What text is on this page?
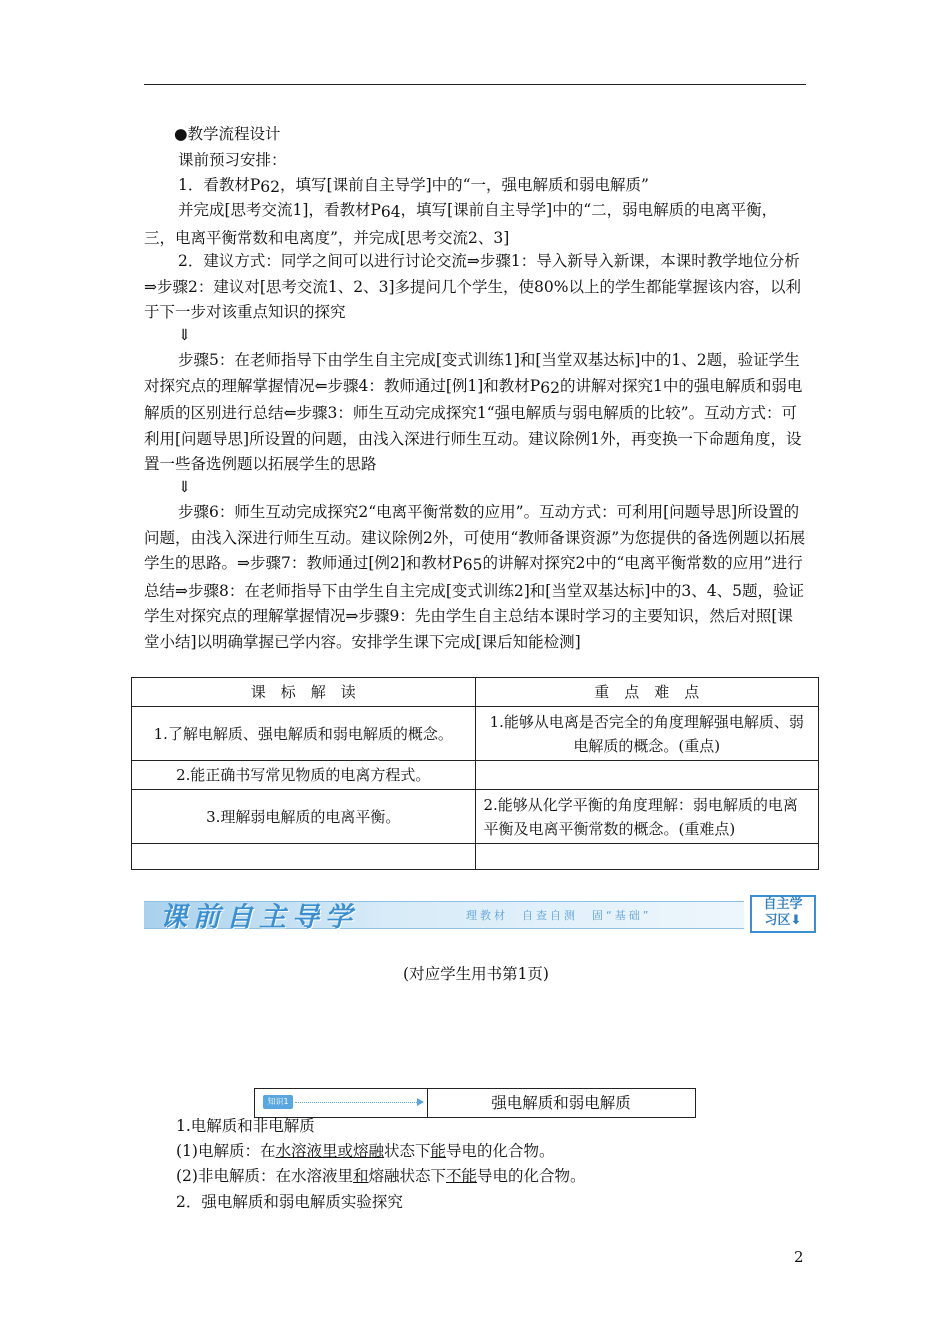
●教学流程设计
课前预习安排：
1．看教材$P_{62}$，填写[课前自主导学]中的“一，强电解质和弱电解质”
并完成[思考交流1]，看教材$P_{64}$，填写[课前自主导学]中的“二，弱电解质的电离平衡，三，电离平衡常数和电离度”，并完成[思考交流2、3]
2．建议方式：同学之间可以进行讨论交流⇒步骤1：导入新导入新课，本课时教学地位分析⇒步骤2：建议对[思考交流1、2、3]多提问几个学生，使80%以上的学生都能掌握该内容，以利于下一步对该重点知识的探究
⇓
步骤5：在老师指导下由学生自主完成[变式训练1]和[当堂双基达标]中的1、2题，验证学生对探究点的理解掌握情况⇐步骤4：教师通过[例1]和教材$P_{62}$的讲解对探究1中的强电解质和弱电解质的区别进行总结⇐步骤3：师生互动完成探究1“强电解质与弱电解质的比较”。互动方式：可利用[问题导思]所设置的问题，由浅入深进行师生互动。建议除例1外，再变换一下命题角度，设置一些备选例题以拓展学生的思路
⇓
步骤6：师生互动完成探究2“电离平衡常数的应用”。互动方式：可利用[问题导思]所设置的问题，由浅入深进行师生互动。建议除例2外，可使用“教师备课资源”为您提供的备选例题以拓展学生的思路。⇒步骤7：教师通过[例2]和教材$P_{65}$的讲解对探究2中的“电离平衡常数的应用”进行总结⇒步骤8：在老师指导下由学生自主完成[变式训练2]和[当堂双基达标]中的3、4、5题，验证学生对探究点的理解掌握情况⇒步骤9：先由学生自主总结本课时学习的主要知识，然后对照[课堂小结]以明确掌握已学内容。安排学生课下完成[课后知能检测]
课　标　解　读	重　点　难　点
1.了解电解质、强电解质和弱电解质的概念。	1.能够从电离是否完全的角度理解强电解质、弱电解质的概念。(重点)
2.能正确书写常见物质的电离方程式。	
3.理解弱电解质的电离平衡。	2.能够从化学平衡的角度理解：弱电解质的电离平衡及电离平衡常数的概念。(重难点)

课前自主导学	理教材　自查自测　固“基础”
自主学
习区⬇
(对应学生用书第1页)
知识1	强电解质和弱电解质
1.电解质和非电解质
(1)电解质：在水溶液里或熔融状态下能导电的化合物。
(2)非电解质：在水溶液里和熔融状态下不能导电的化合物。
2．强电解质和弱电解质实验探究
2
